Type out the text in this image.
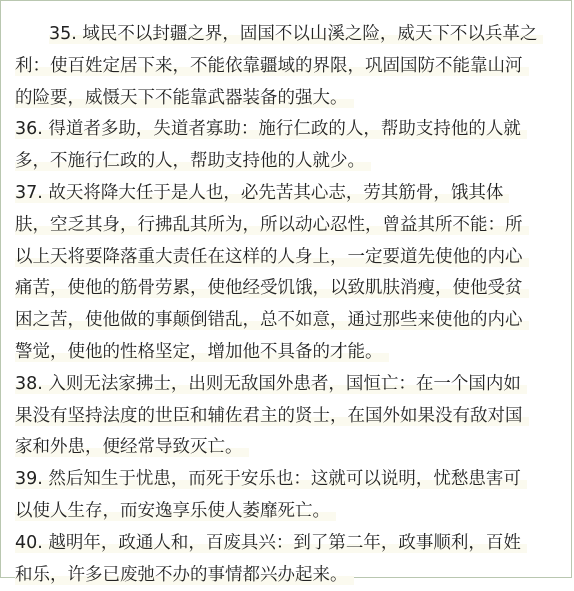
35. 域民不以封疆之界，固国不以山溪之险，威天下不以兵革之
利：使百姓定居下来，不能依靠疆域的界限，巩固国防不能靠山河
的险要，威慑天下不能靠武器装备的强大。
36. 得道者多助，失道者寡助：施行仁政的人，帮助支持他的人就
多，不施行仁政的人，帮助支持他的人就少。
37. 故天将降大任于是人也，必先苦其心志，劳其筋骨，饿其体
肤，空乏其身，行拂乱其所为，所以动心忍性，曾益其所不能：所
以上天将要降落重大责任在这样的人身上，一定要道先使他的内心
痛苦，使他的筋骨劳累，使他经受饥饿，以致肌肤消瘦，使他受贫
困之苦，使他做的事颠倒错乱，总不如意，通过那些来使他的内心
警觉，使他的性格坚定，增加他不具备的才能。
38. 入则无法家拂士，出则无敌国外患者，国恒亡：在一个国内如
果没有坚持法度的世臣和辅佐君主的贤士，在国外如果没有敌对国
家和外患，便经常导致灭亡。
39. 然后知生于忧患，而死于安乐也：这就可以说明，忧愁患害可
以使人生存，而安逸享乐使人萎靡死亡。
40. 越明年，政通人和，百废具兴：到了第二年，政事顺利，百姓
和乐，许多已废弛不办的事情都兴办起来。
